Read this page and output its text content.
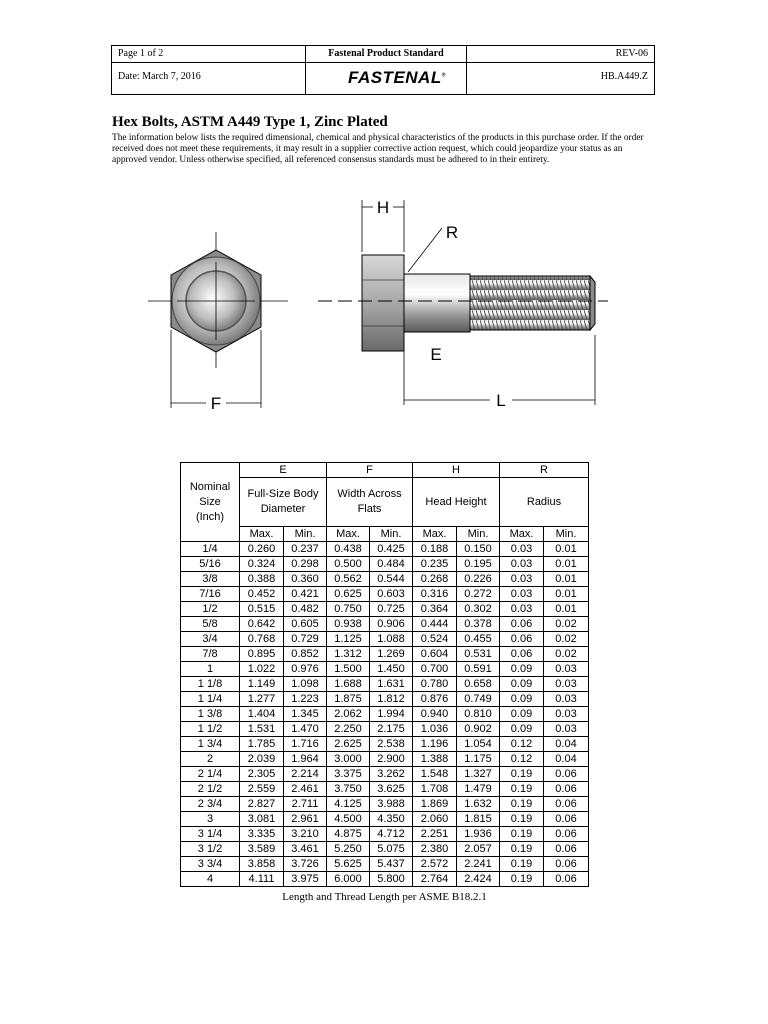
Page 1 of 2	Fastenal Product Standard	REV-06
Date: March 7, 2016	FASTENAL®	HB.A449.Z
Hex Bolts, ASTM A449 Type 1, Zinc Plated

The information below lists the required dimensional, chemical and physical characteristics of the products in this purchase order. If the order received does not meet these requirements, it may result in a supplier corrective action request, which could jeopardize your status as an approved vendor. Unless otherwise specified, all referenced consensus standards must be adhered to in their entirety.

F
H
R
E
L
Nominal Size (Inch)	E		F		H		R	
	Full-Size Body Diameter		Width Across Flats		Head Height		Radius	
	Max.	Min.	Max.	Min.	Max.	Min.	Max.	Min.
1/4	0.260	0.237	0.438	0.425	0.188	0.150	0.03	0.01
5/16	0.324	0.298	0.500	0.484	0.235	0.195	0.03	0.01
3/8	0.388	0.360	0.562	0.544	0.268	0.226	0.03	0.01
7/16	0.452	0.421	0.625	0.603	0.316	0.272	0.03	0.01
1/2	0.515	0.482	0.750	0.725	0.364	0.302	0.03	0.01
5/8	0.642	0.605	0.938	0.906	0.444	0.378	0.06	0.02
3/4	0.768	0.729	1.125	1.088	0.524	0.455	0.06	0.02
7/8	0.895	0.852	1.312	1.269	0.604	0.531	0.06	0.02
1	1.022	0.976	1.500	1.450	0.700	0.591	0.09	0.03
1 1/8	1.149	1.098	1.688	1.631	0.780	0.658	0.09	0.03
1 1/4	1.277	1.223	1.875	1.812	0.876	0.749	0.09	0.03
1 3/8	1.404	1.345	2.062	1.994	0.940	0.810	0.09	0.03
1 1/2	1.531	1.470	2.250	2.175	1.036	0.902	0.09	0.03
1 3/4	1.785	1.716	2.625	2.538	1.196	1.054	0.12	0.04
2	2.039	1.964	3.000	2.900	1.388	1.175	0.12	0.04
2 1/4	2.305	2.214	3.375	3.262	1.548	1.327	0.19	0.06
2 1/2	2.559	2.461	3.750	3.625	1.708	1.479	0.19	0.06
2 3/4	2.827	2.711	4.125	3.988	1.869	1.632	0.19	0.06
3	3.081	2.961	4.500	4.350	2.060	1.815	0.19	0.06
3 1/4	3.335	3.210	4.875	4.712	2.251	1.936	0.19	0.06
3 1/2	3.589	3.461	5.250	5.075	2.380	2.057	0.19	0.06
3 3/4	3.858	3.726	5.625	5.437	2.572	2.241	0.19	0.06
4	4.111	3.975	6.000	5.800	2.764	2.424	0.19	0.06
Length and Thread Length per ASME B18.2.1
